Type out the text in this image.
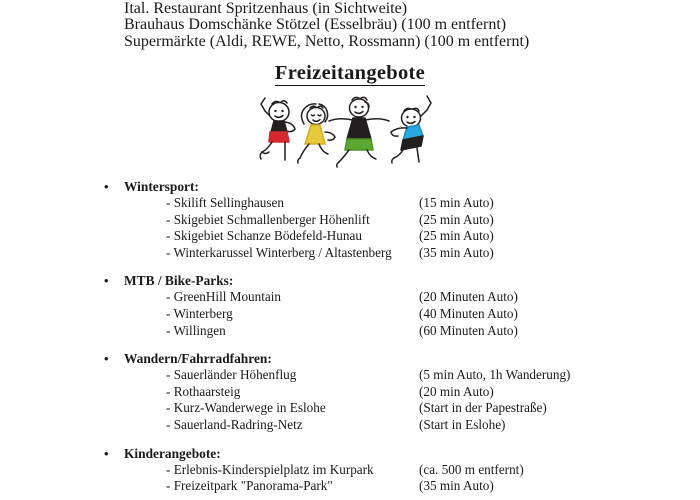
Ital. Restaurant Spritzenhaus (in Sichtweite)
Brauhaus Domschänke Stötzel (Esselbräu) (100 m entfernt)
Supermärkte (Aldi, REWE, Netto, Rossmann) (100 m entfernt)
Freizeitangebote
• Wintersport:
- Skilift Sellinghausen	(15 min Auto)
- Skigebiet Schmallenberger Höhenlift	(25 min Auto)
- Skigebiet Schanze Bödefeld-Hunau	(25 min Auto)
- Winterkarussel Winterberg / Altastenberg (35 min Auto)
• MTB / Bike-Parks:
- GreenHill Mountain	(20 Minuten Auto)
- Winterberg	(40 Minuten Auto)
- Willingen	(60 Minuten Auto)
• Wandern/Fahrradfahren:
- Sauerländer Höhenflug	(5 min Auto, 1h Wanderung)
- Rothaarsteig	(20 min Auto)
- Kurz-Wanderwege in Eslohe	(Start in der Papestraße)
- Sauerland-Radring-Netz	(Start in Eslohe)
• Kinderangebote:
- Erlebnis-Kinderspielplatz im Kurpark	(ca. 500 m entfernt)
- Freizeitpark "Panorama-Park"	(35 min Auto)
